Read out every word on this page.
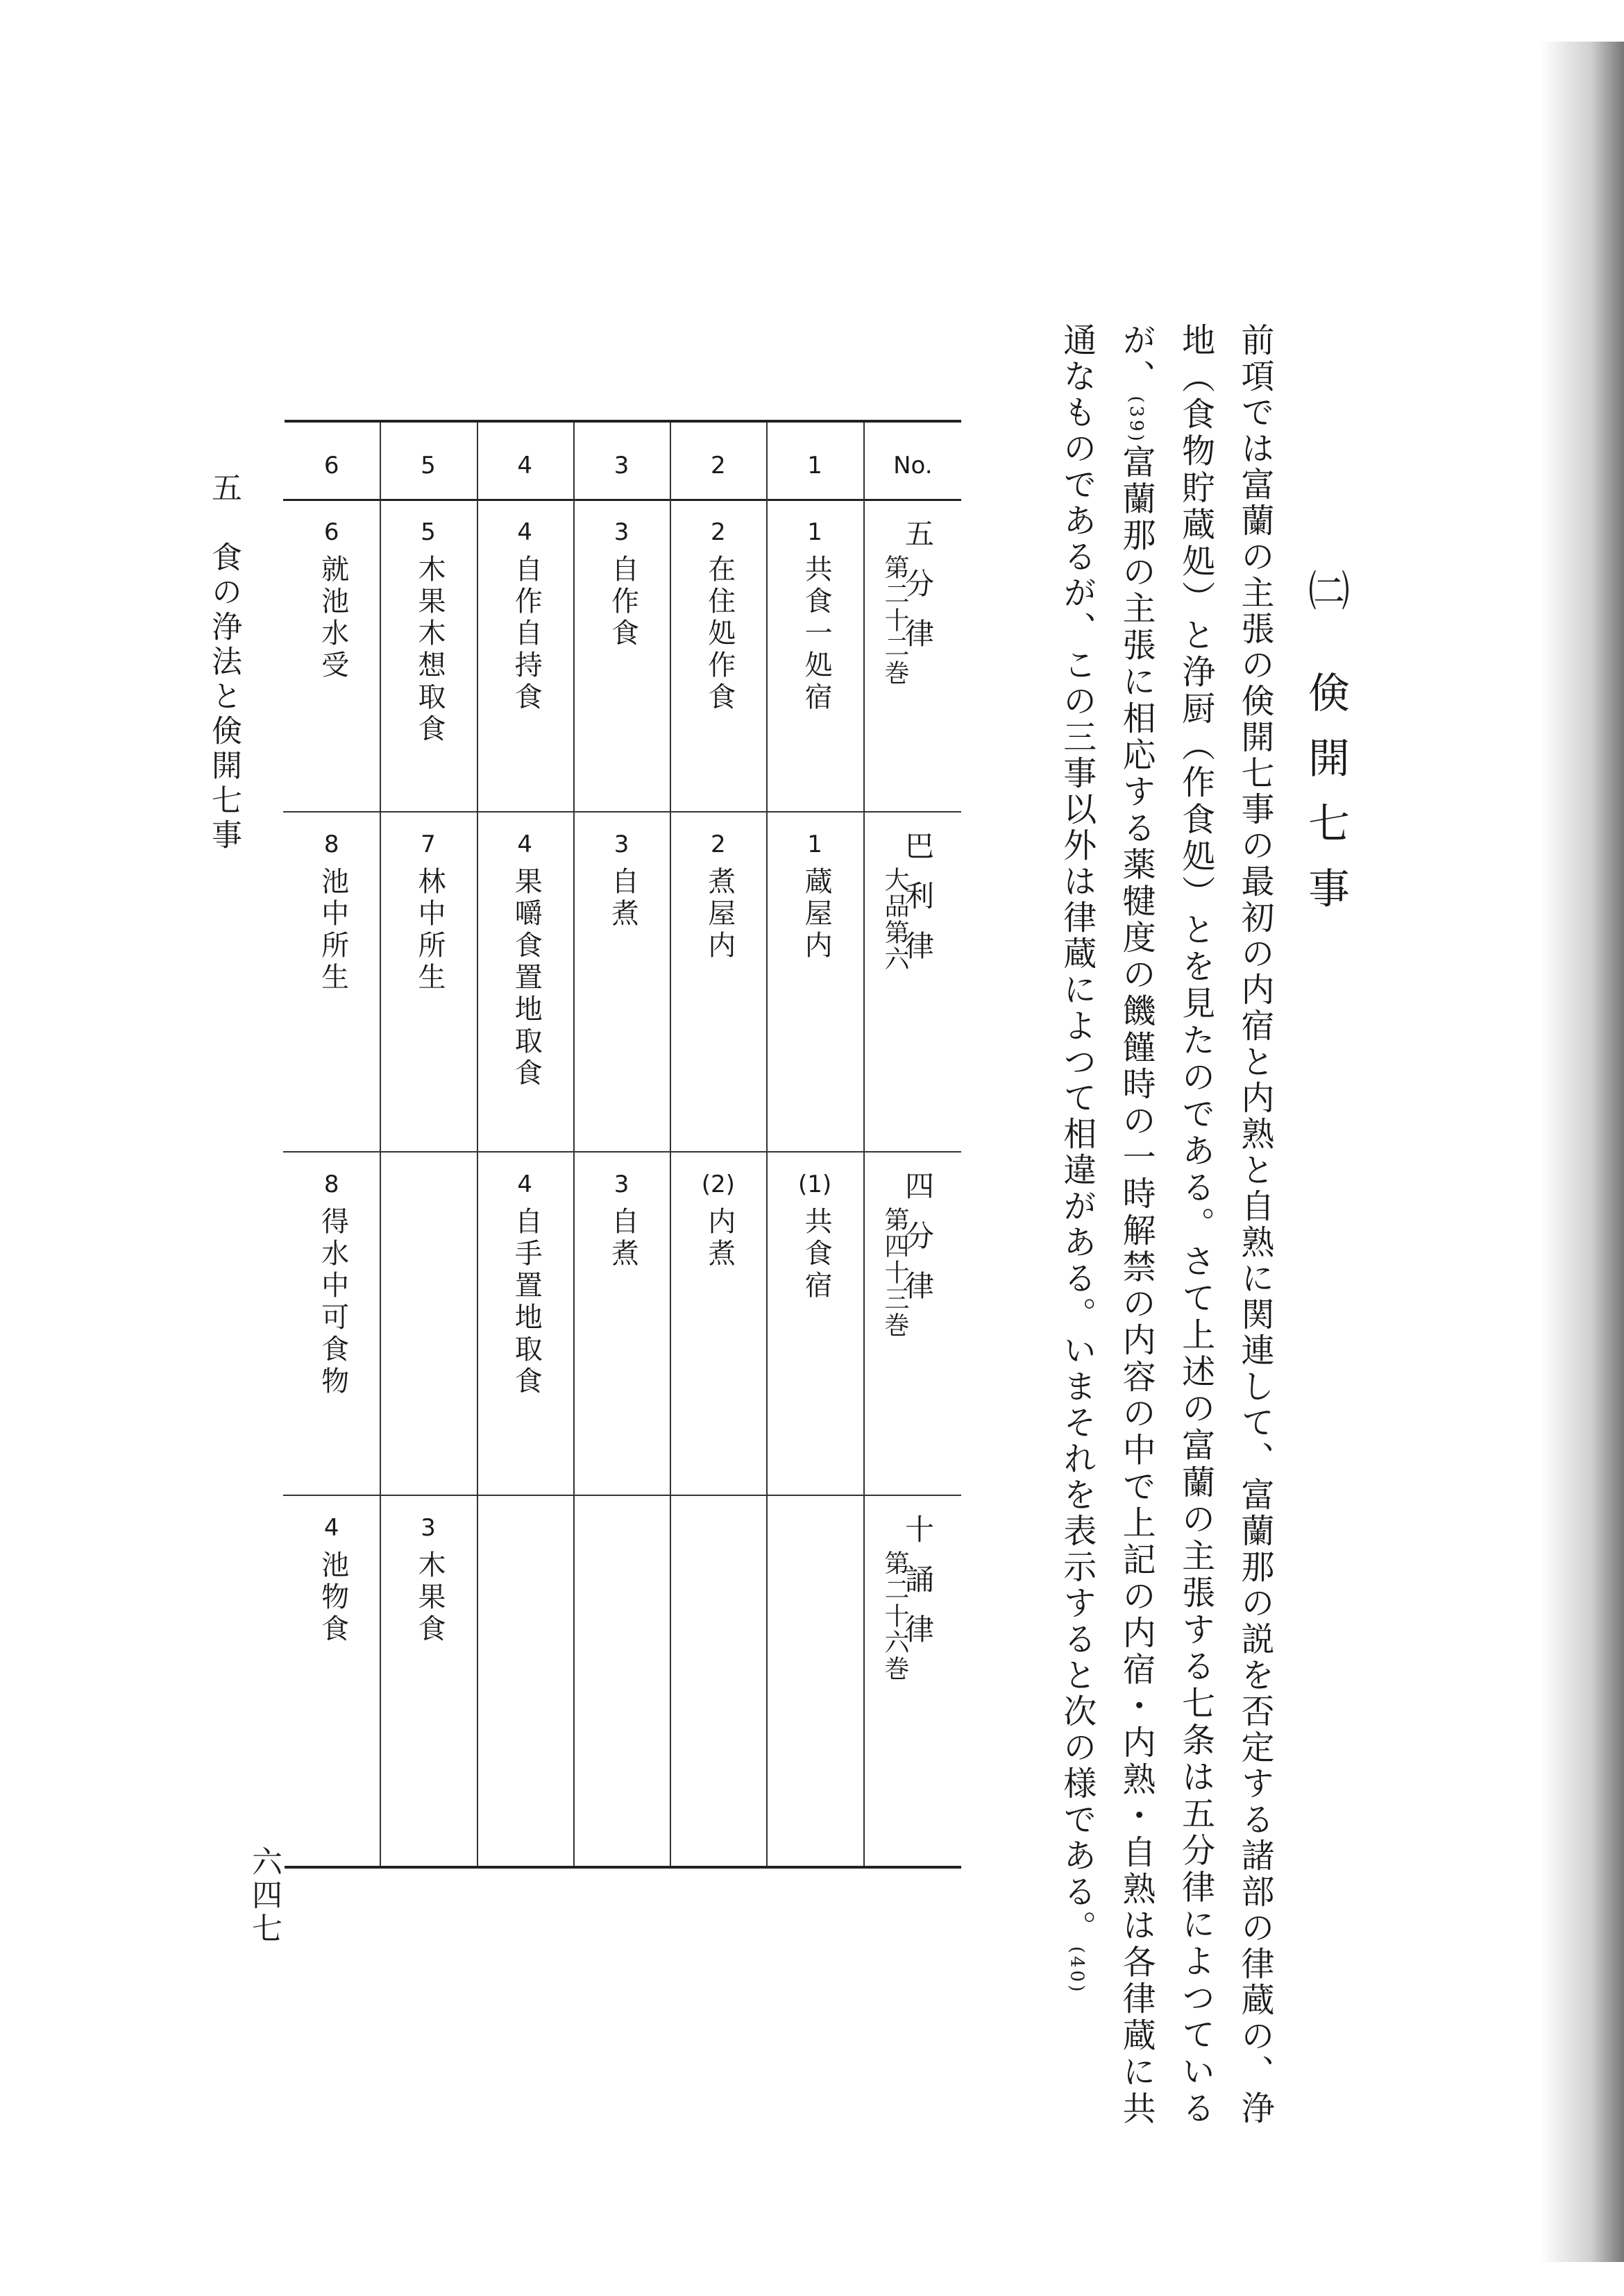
㈡ 倹開七事
前項では富蘭の主張の倹開七事の最初の内宿と内熟と自熟に関連して、富蘭那の説を否定する諸部の律蔵の、浄地（食物貯蔵処）と浄厨（作食処）とを見たのである。さて上述の富蘭の主張する七条は五分律によつているが、(39)富蘭那の主張に相応する薬犍度の饑饉時の一時解禁の内容の中で上記の内宿・内熟・自熟は各律蔵に共通なものであるが、この三事以外は律蔵によつて相違がある。いまそれを表示すると次の様である。(40)
No.
五分律
第二十二巻
巴利律
大品第六
四分律
第四十三巻
十誦律
第二十六巻
1
1
共食一処宿
1
蔵屋内
(1)
共食宿
2
2
在住処作食
2
煮屋内
(2)
内煮
3
3
自作食
3
自煮
3
自煮
4
4
自作自持食
4
果嚼食置地取食
4
自手置地取食
5
5
木果木想取食
7
林中所生
3
木果食
6
6
就池水受
8
池中所生
8
得水中可食物
4
池物食
五　食の浄法と倹開七事
六四七
